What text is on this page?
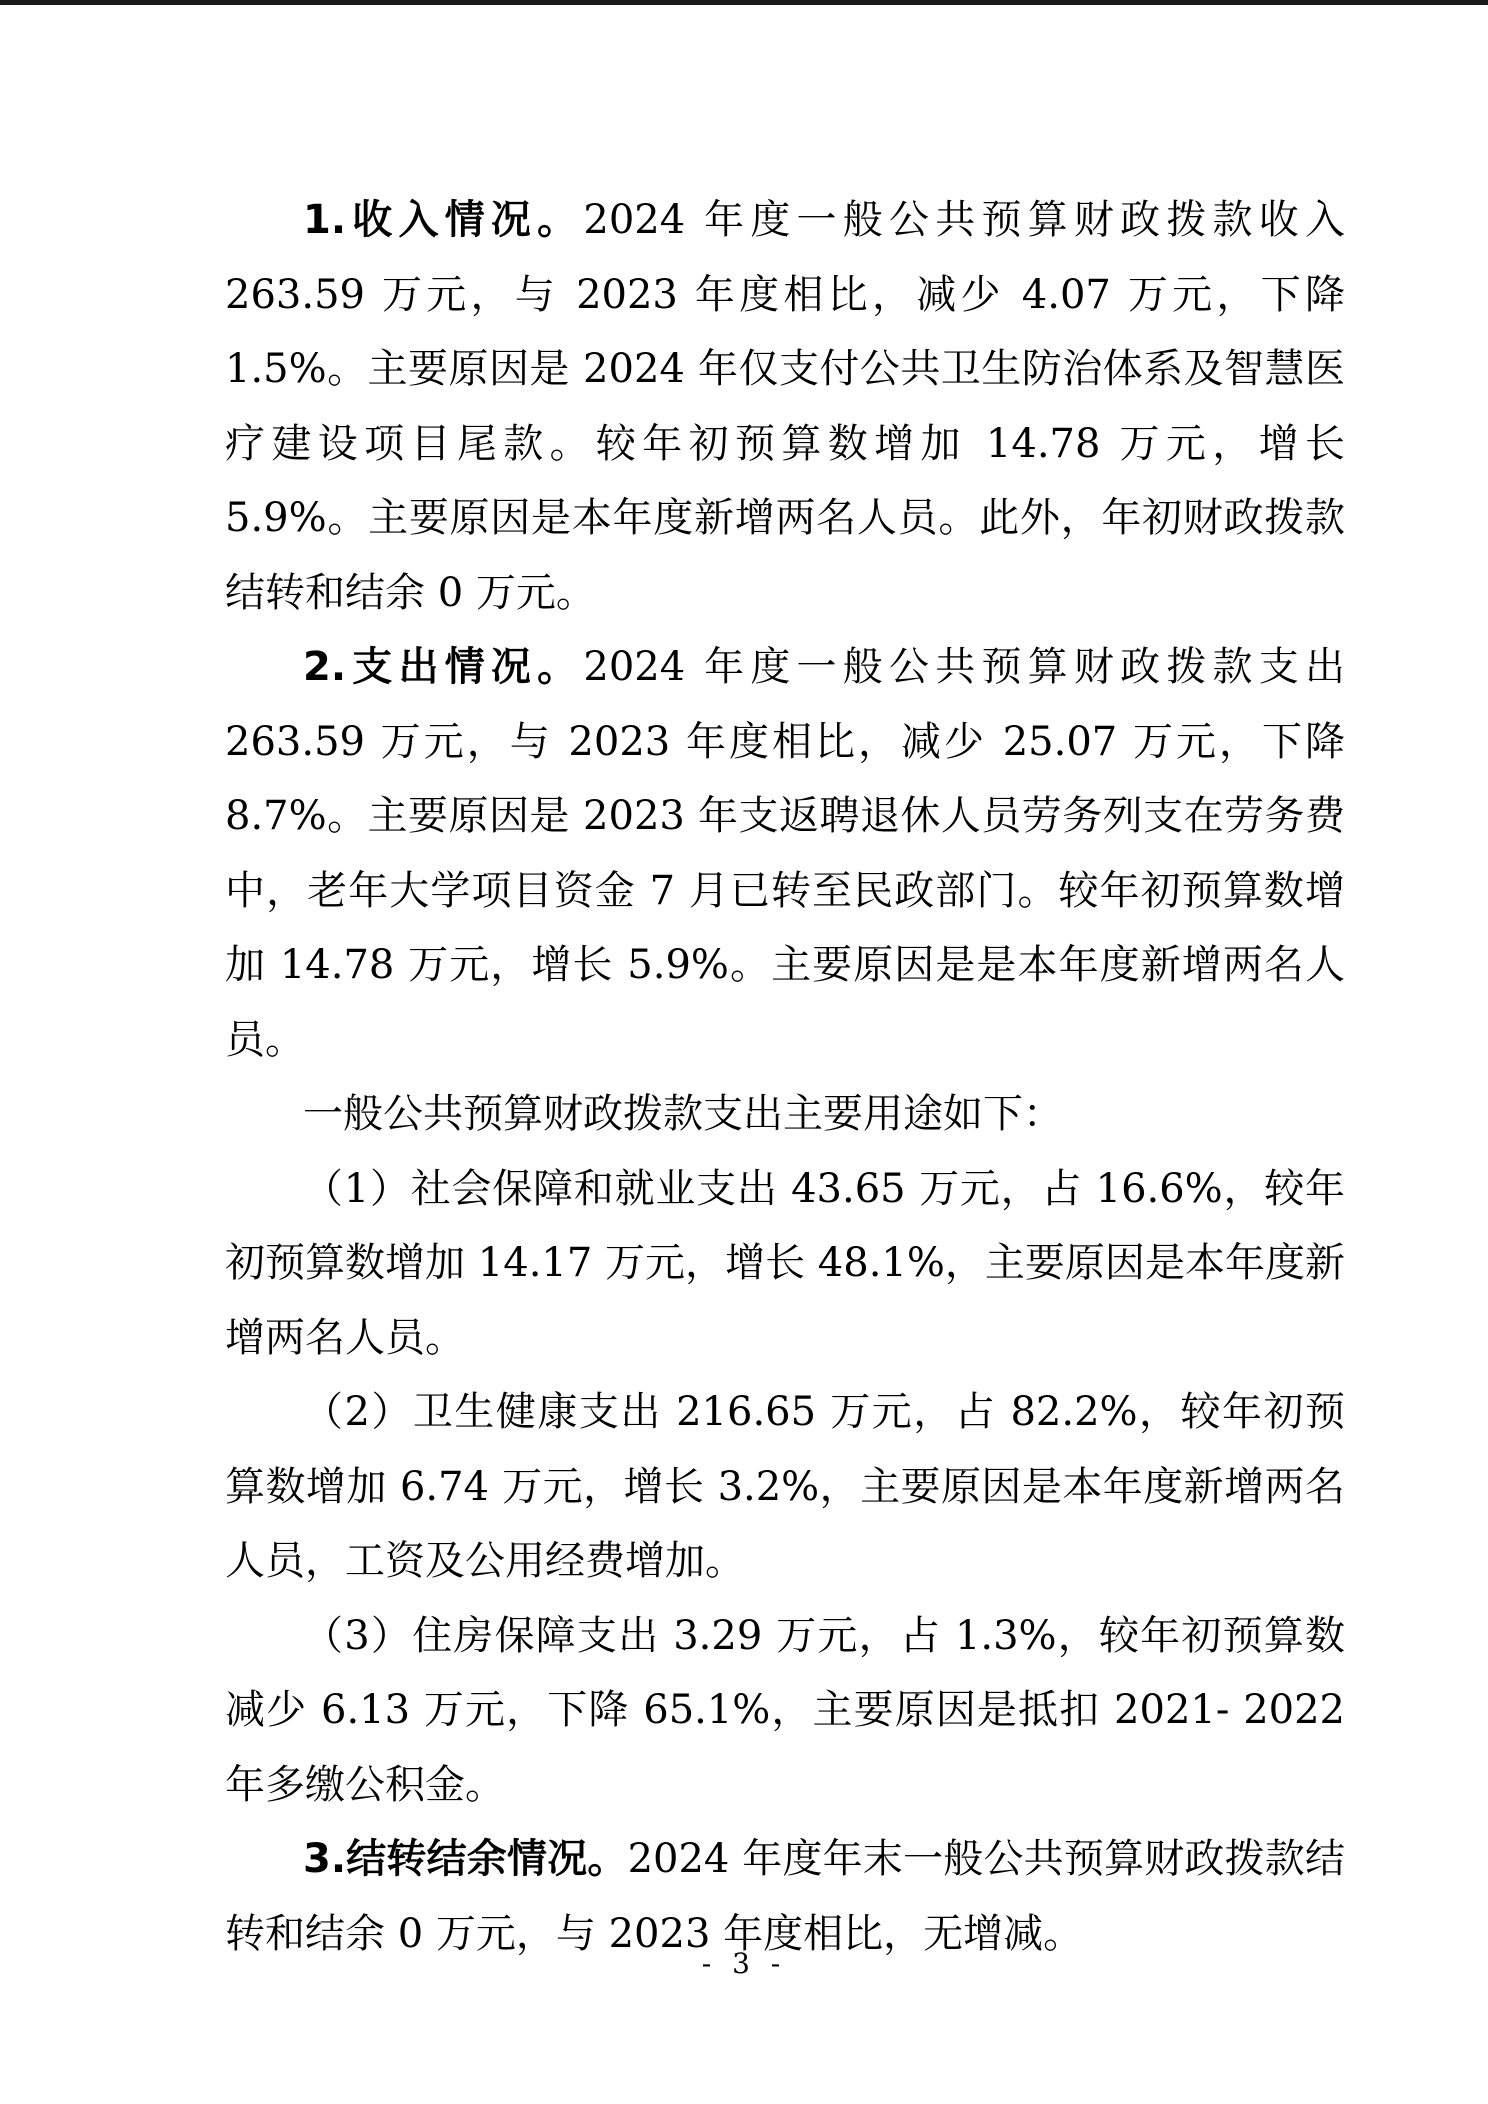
1.收入情况。2024 年度一般公共预算财政拨款收入 263.59 万元，与 2023 年度相比，减少 4.07 万元，下降 1.5%。主要原因是 2024 年仅支付公共卫生防治体系及智慧医疗建设项目尾款。较年初预算数增加 14.78 万元，增长 5.9%。主要原因是本年度新增两名人员。此外，年初财政拨款结转和结余 0 万元。

2.支出情况。2024 年度一般公共预算财政拨款支出 263.59 万元，与 2023 年度相比，减少 25.07 万元，下降 8.7%。主要原因是 2023 年支返聘退休人员劳务列支在劳务费中，老年大学项目资金 7 月已转至民政部门。较年初预算数增加 14.78 万元，增长 5.9%。主要原因是是本年度新增两名人员。

一般公共预算财政拨款支出主要用途如下：

（1）社会保障和就业支出 43.65 万元，占 16.6%，较年初预算数增加 14.17 万元，增长 48.1%，主要原因是本年度新增两名人员。

（2）卫生健康支出 216.65 万元，占 82.2%，较年初预算数增加 6.74 万元，增长 3.2%，主要原因是本年度新增两名人员，工资及公用经费增加。

（3）住房保障支出 3.29 万元，占 1.3%，较年初预算数减少 6.13 万元，下降 65.1%，主要原因是抵扣 2021- 2022 年多缴公积金。

3.结转结余情况。2024 年度年末一般公共预算财政拨款结转和结余 0 万元，与 2023 年度相比，无增减。

- 3 -
